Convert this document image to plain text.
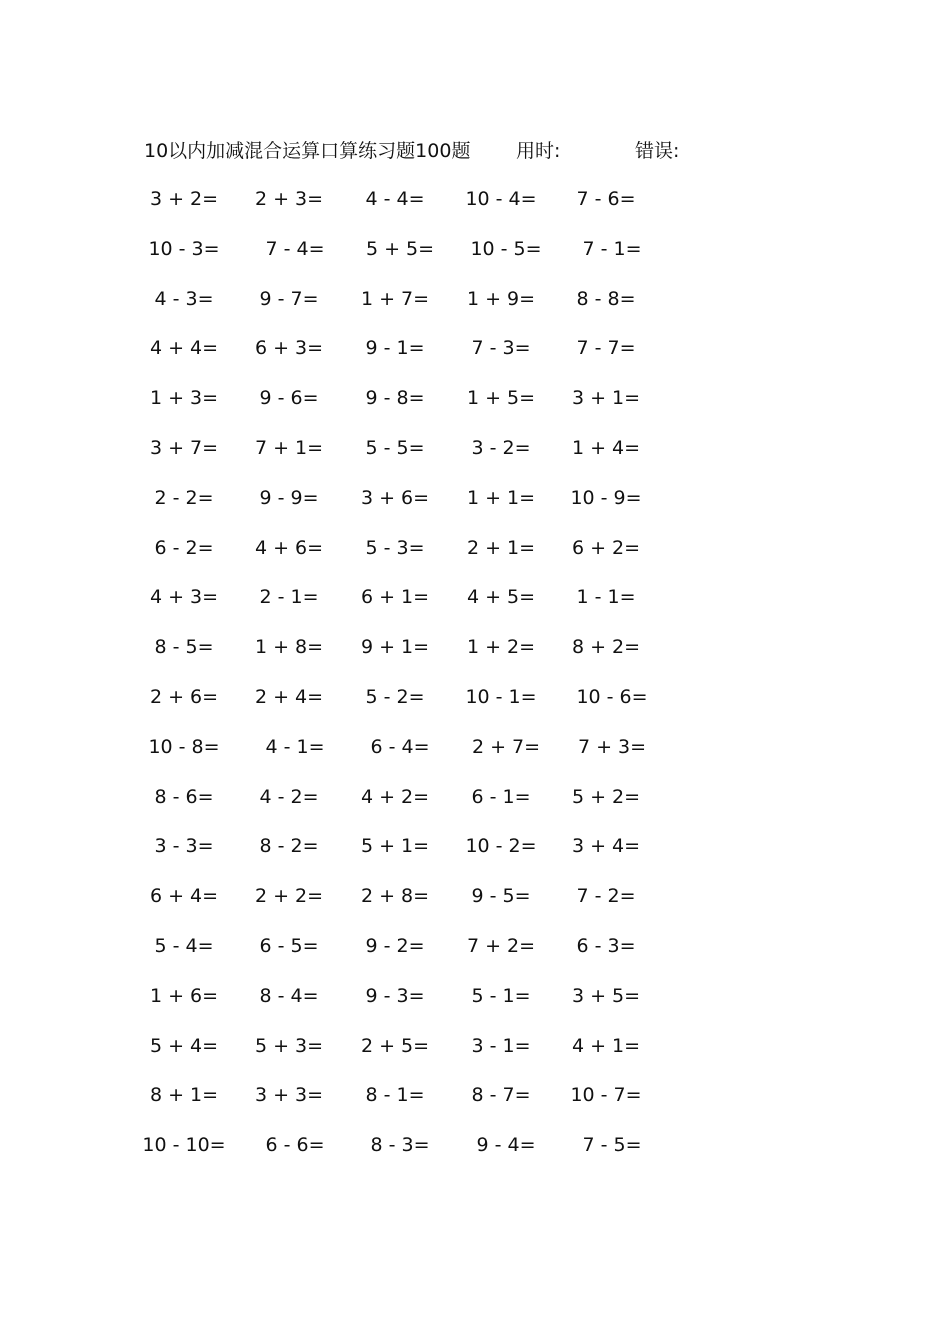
10以内加减混合运算口算练习题100题 用时:	错误:
3 + 2=	2 + 3=	4 - 4=	10 - 4=	7 - 6=
10 - 3=	7 - 4=	5 + 5=	10 - 5=	7 - 1=
4 - 3=	9 - 7=	1 + 7=	1 + 9=	8 - 8=
4 + 4=	6 + 3=	9 - 1=	7 - 3=	7 - 7=
1 + 3=	9 - 6=	9 - 8=	1 + 5=	3 + 1=
3 + 7=	7 + 1=	5 - 5=	3 - 2=	1 + 4=
2 - 2=	9 - 9=	3 + 6=	1 + 1=	10 - 9=
6 - 2=	4 + 6=	5 - 3=	2 + 1=	6 + 2=
4 + 3=	2 - 1=	6 + 1=	4 + 5=	1 - 1=
8 - 5=	1 + 8=	9 + 1=	1 + 2=	8 + 2=
2 + 6=	2 + 4=	5 - 2=	10 - 1=	10 - 6=
10 - 8=	4 - 1=	6 - 4=	2 + 7=	7 + 3=
8 - 6=	4 - 2=	4 + 2=	6 - 1=	5 + 2=
3 - 3=	8 - 2=	5 + 1=	10 - 2=	3 + 4=
6 + 4=	2 + 2=	2 + 8=	9 - 5=	7 - 2=
5 - 4=	6 - 5=	9 - 2=	7 + 2=	6 - 3=
1 + 6=	8 - 4=	9 - 3=	5 - 1=	3 + 5=
5 + 4=	5 + 3=	2 + 5=	3 - 1=	4 + 1=
8 + 1=	3 + 3=	8 - 1=	8 - 7=	10 - 7=
10 - 10=	6 - 6=	8 - 3=	9 - 4=	7 - 5=
